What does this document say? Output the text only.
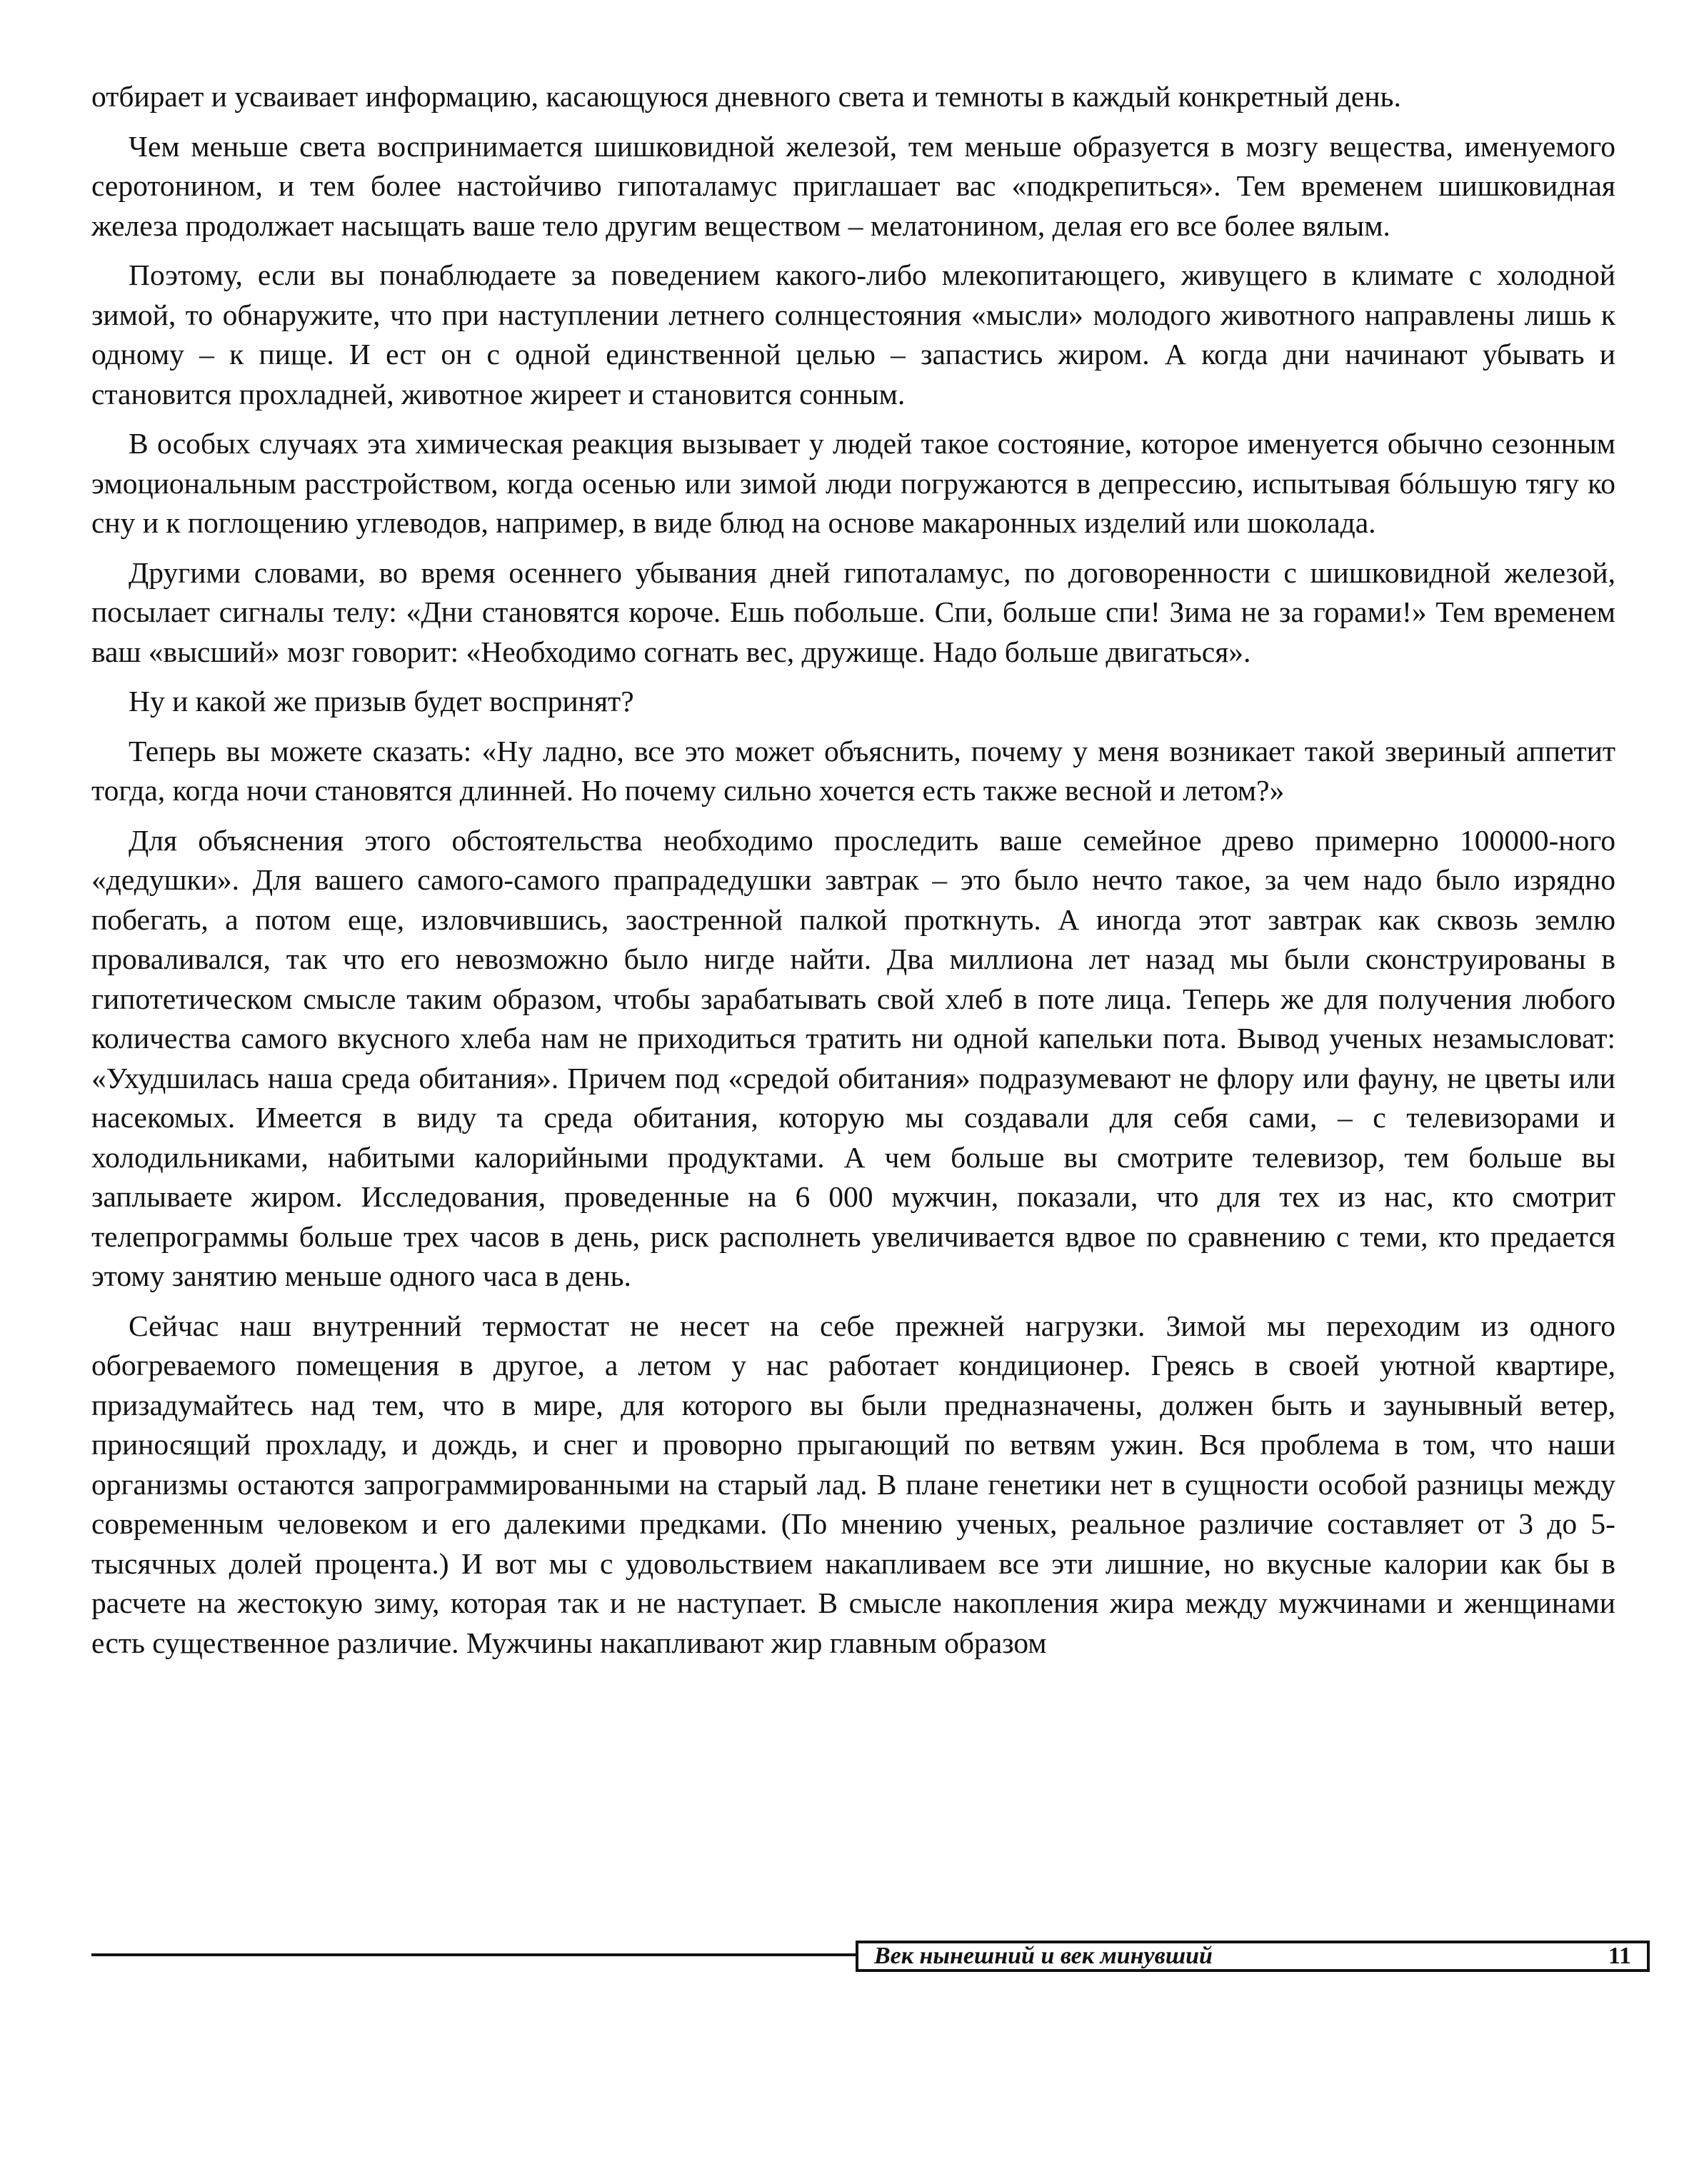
отбирает и усваивает информацию, касающуюся дневного света и темноты в каждый конкретный день.

Чем меньше света воспринимается шишковидной железой, тем меньше образуется в мозгу вещества, именуемого серотонином, и тем более настойчиво гипоталамус приглашает вас «подкрепиться». Тем временем шишковидная железа продолжает насыщать ваше тело другим веществом – мелатонином, делая его все более вялым.

Поэтому, если вы понаблюдаете за поведением какого-либо млекопитающего, живущего в климате с холодной зимой, то обнаружите, что при наступлении летнего солнцестояния «мысли» молодого животного направлены лишь к одному – к пище. И ест он с одной единственной целью – запастись жиром. А когда дни начинают убывать и становится прохладней, животное жиреет и становится сонным.

В особых случаях эта химическая реакция вызывает у людей такое состояние, которое именуется обычно сезонным эмоциональным расстройством, когда осенью или зимой люди погружаются в депрессию, испытывая бóльшую тягу ко сну и к поглощению углеводов, например, в виде блюд на основе макаронных изделий или шоколада.

Другими словами, во время осеннего убывания дней гипоталамус, по договоренности с шишковидной железой, посылает сигналы телу: «Дни становятся короче. Ешь побольше. Спи, больше спи! Зима не за горами!» Тем временем ваш «высший» мозг говорит: «Необходимо согнать вес, дружище. Надо больше двигаться».

Ну и какой же призыв будет воспринят?

Теперь вы можете сказать: «Ну ладно, все это может объяснить, почему у меня возникает такой звериный аппетит тогда, когда ночи становятся длинней. Но почему сильно хочется есть также весной и летом?»

Для объяснения этого обстоятельства необходимо проследить ваше семейное древо примерно 100000-ного «дедушки». Для вашего самого-самого прапрадедушки завтрак – это было нечто такое, за чем надо было изрядно побегать, а потом еще, изловчившись, заостренной палкой проткнуть. А иногда этот завтрак как сквозь землю проваливался, так что его невозможно было нигде найти. Два миллиона лет назад мы были сконструированы в гипотетическом смысле таким образом, чтобы зарабатывать свой хлеб в поте лица. Теперь же для получения любого количества самого вкусного хлеба нам не приходиться тратить ни одной капельки пота. Вывод ученых незамысловат: «Ухудшилась наша среда обитания». Причем под «средой обитания» подразумевают не флору или фауну, не цветы или насекомых. Имеется в виду та среда обитания, которую мы создавали для себя сами, – с телевизорами и холодильниками, набитыми калорийными продуктами. А чем больше вы смотрите телевизор, тем больше вы заплываете жиром. Исследования, проведенные на 6 000 мужчин, показали, что для тех из нас, кто смотрит телепрограммы больше трех часов в день, риск располнеть увеличивается вдвое по сравнению с теми, кто предается этому занятию меньше одного часа в день.

Сейчас наш внутренний термостат не несет на себе прежней нагрузки. Зимой мы переходим из одного обогреваемого помещения в другое, а летом у нас работает кондиционер. Греясь в своей уютной квартире, призадумайтесь над тем, что в мире, для которого вы были предназначены, должен быть и заунывный ветер, приносящий прохладу, и дождь, и снег и проворно прыгающий по ветвям ужин. Вся проблема в том, что наши организмы остаются запрограммированными на старый лад. В плане генетики нет в сущности особой разницы между современным человеком и его далекими предками. (По мнению ученых, реальное различие составляет от 3 до 5-тысячных долей процента.) И вот мы с удовольствием накапливаем все эти лишние, но вкусные калории как бы в расчете на жестокую зиму, которая так и не наступает. В смысле накопления жира между мужчинами и женщинами есть существенное различие. Мужчины накапливают жир главным образом

Век нынешний и век минувший	11
